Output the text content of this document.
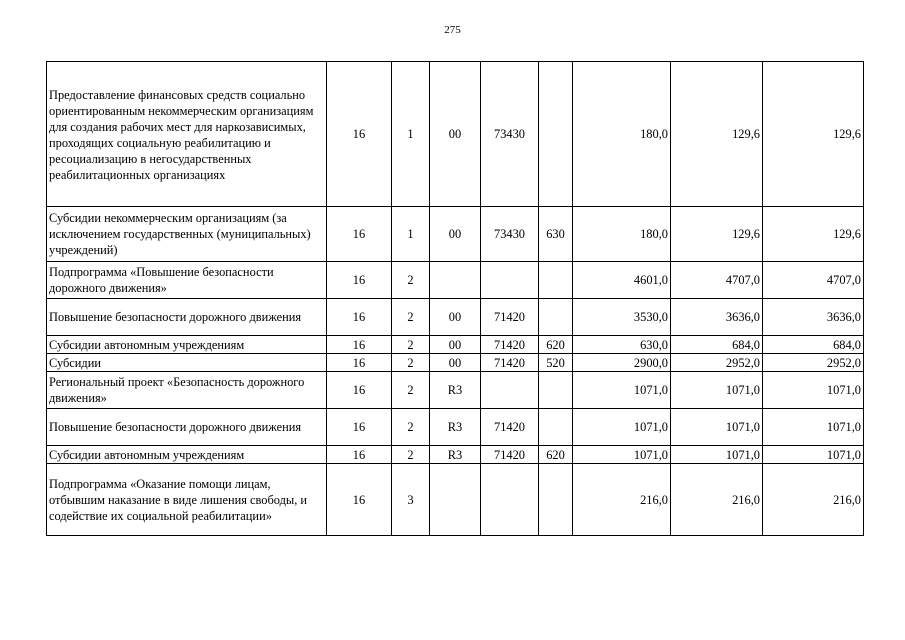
275
Предоставление финансовых средств социально ориентированным некоммерческим организациям для создания рабочих мест для наркозависимых, проходящих социальную реабилитацию и ресоциализацию в негосударственных реабилитационных организациях	16	1	00	73430		180,0	129,6	129,6
Субсидии некоммерческим организациям (за исключением государственных (муниципальных) учреждений)	16	1	00	73430	630	180,0	129,6	129,6
Подпрограмма «Повышение безопасности дорожного движения»	16	2				4601,0	4707,0	4707,0
Повышение безопасности дорожного движения	16	2	00	71420		3530,0	3636,0	3636,0
Субсидии автономным учреждениям	16	2	00	71420	620	630,0	684,0	684,0
Субсидии	16	2	00	71420	520	2900,0	2952,0	2952,0
Региональный проект «Безопасность дорожного движения»	16	2	R3			1071,0	1071,0	1071,0
Повышение безопасности дорожного движения	16	2	R3	71420		1071,0	1071,0	1071,0
Субсидии автономным учреждениям	16	2	R3	71420	620	1071,0	1071,0	1071,0
Подпрограмма «Оказание помощи лицам, отбывшим наказание в виде лишения свободы, и содействие их социальной реабилитации»	16	3				216,0	216,0	216,0
